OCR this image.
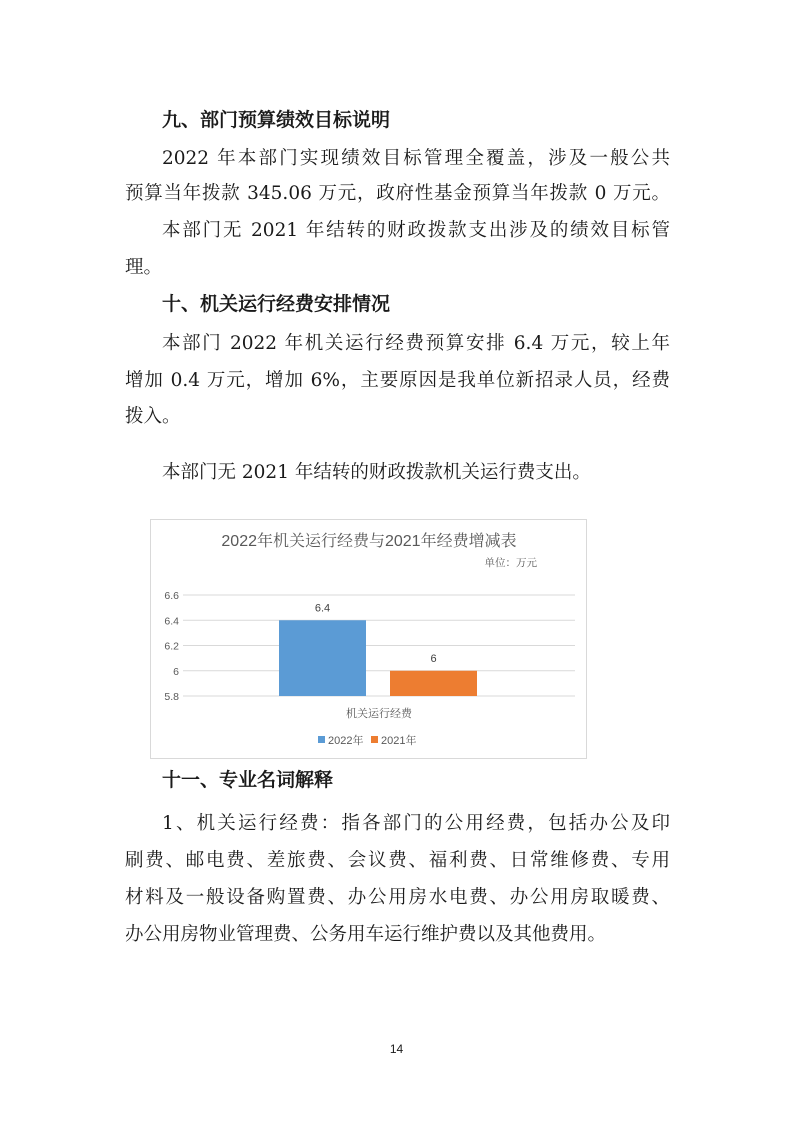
九、部门预算绩效目标说明
2022 年本部门实现绩效目标管理全覆盖，涉及一般公共
预算当年拨款 345.06 万元，政府性基金预算当年拨款 0 万元。
本部门无 2021 年结转的财政拨款支出涉及的绩效目标管
理。
十、机关运行经费安排情况
本部门 2022 年机关运行经费预算安排 6.4 万元，较上年
增加 0.4 万元，增加 6%，主要原因是我单位新招录人员，经费
拨入。
本部门无 2021 年结转的财政拨款机关运行费支出。
2022年机关运行经费与2021年经费增减表
单位：万元
5.8
6
6.2
6.4
6.6
6.4
6
机关运行经费
2022年 2021年
十一、专业名词解释
1、机关运行经费：指各部门的公用经费，包括办公及印
刷费、邮电费、差旅费、会议费、福利费、日常维修费、专用
材料及一般设备购置费、办公用房水电费、办公用房取暖费、
办公用房物业管理费、公务用车运行维护费以及其他费用。
14
